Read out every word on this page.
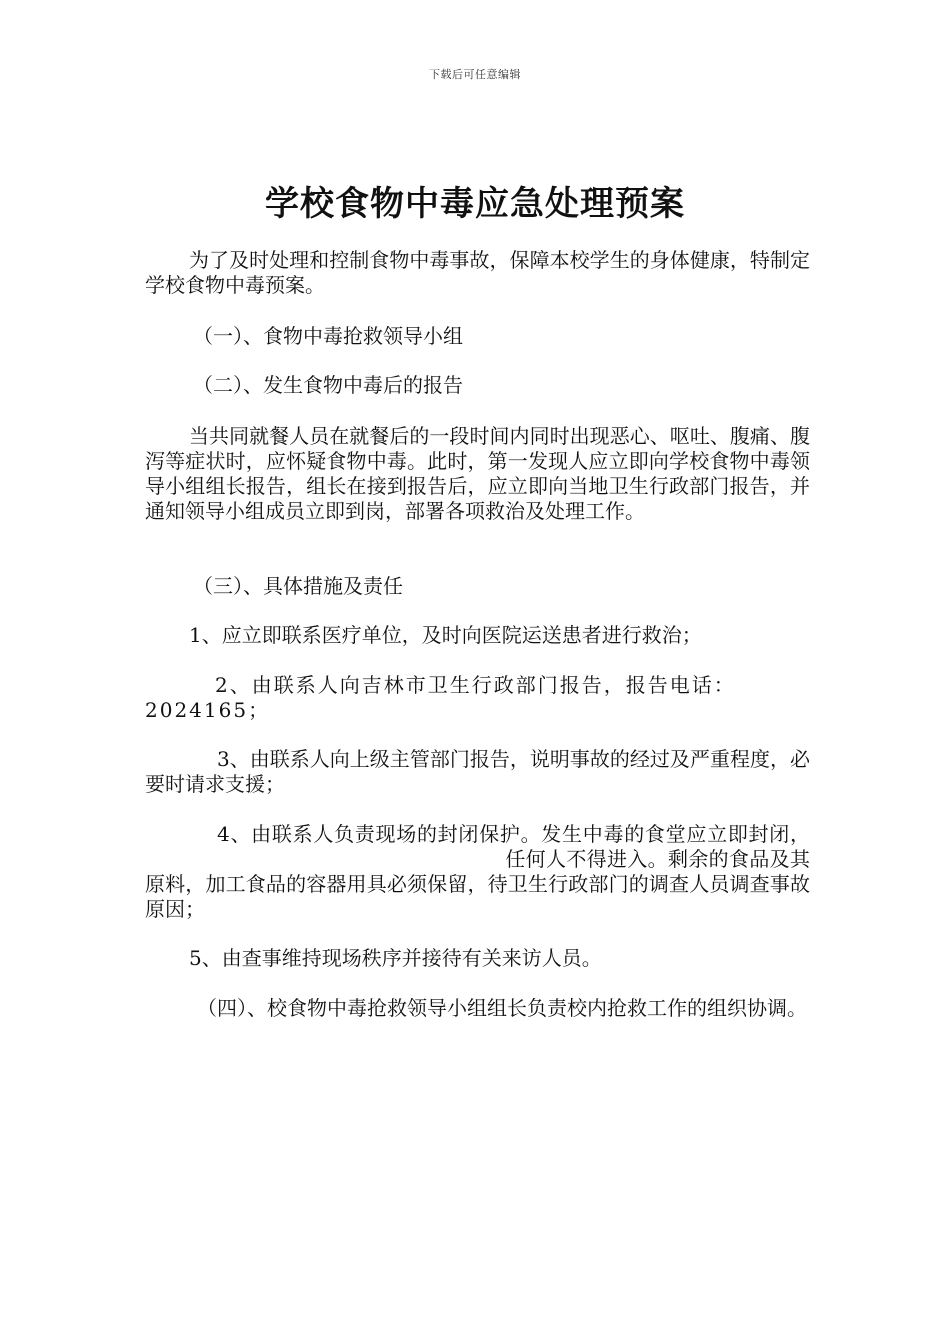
下载后可任意编辑
学校食物中毒应急处理预案

为了及时处理和控制食物中毒事故，保障本校学生的身体健康，特制定学校食物中毒预案。

（一）、食物中毒抢救领导小组

（二）、发生食物中毒后的报告

当共同就餐人员在就餐后的一段时间内同时出现恶心、呕吐、腹痛、腹泻等症状时，应怀疑食物中毒。此时，第一发现人应立即向学校食物中毒领导小组组长报告，组长在接到报告后，应立即向当地卫生行政部门报告，并通知领导小组成员立即到岗，部署各项救治及处理工作。

（三）、具体措施及责任

1、应立即联系医疗单位，及时向医院运送患者进行救治；

2、由联系人向吉林市卫生行政部门报告，报告电话：2024165；

3、由联系人向上级主管部门报告，说明事故的经过及严重程度，必要时请求支援；

4、由联系人负责现场的封闭保护。发生中毒的食堂应立即封闭，任何人不得进入。剩余的食品及其原料，加工食品的容器用具必须保留，待卫生行政部门的调查人员调查事故原因；

5、由查事维持现场秩序并接待有关来访人员。

（四）、校食物中毒抢救领导小组组长负责校内抢救工作的组织协调。
